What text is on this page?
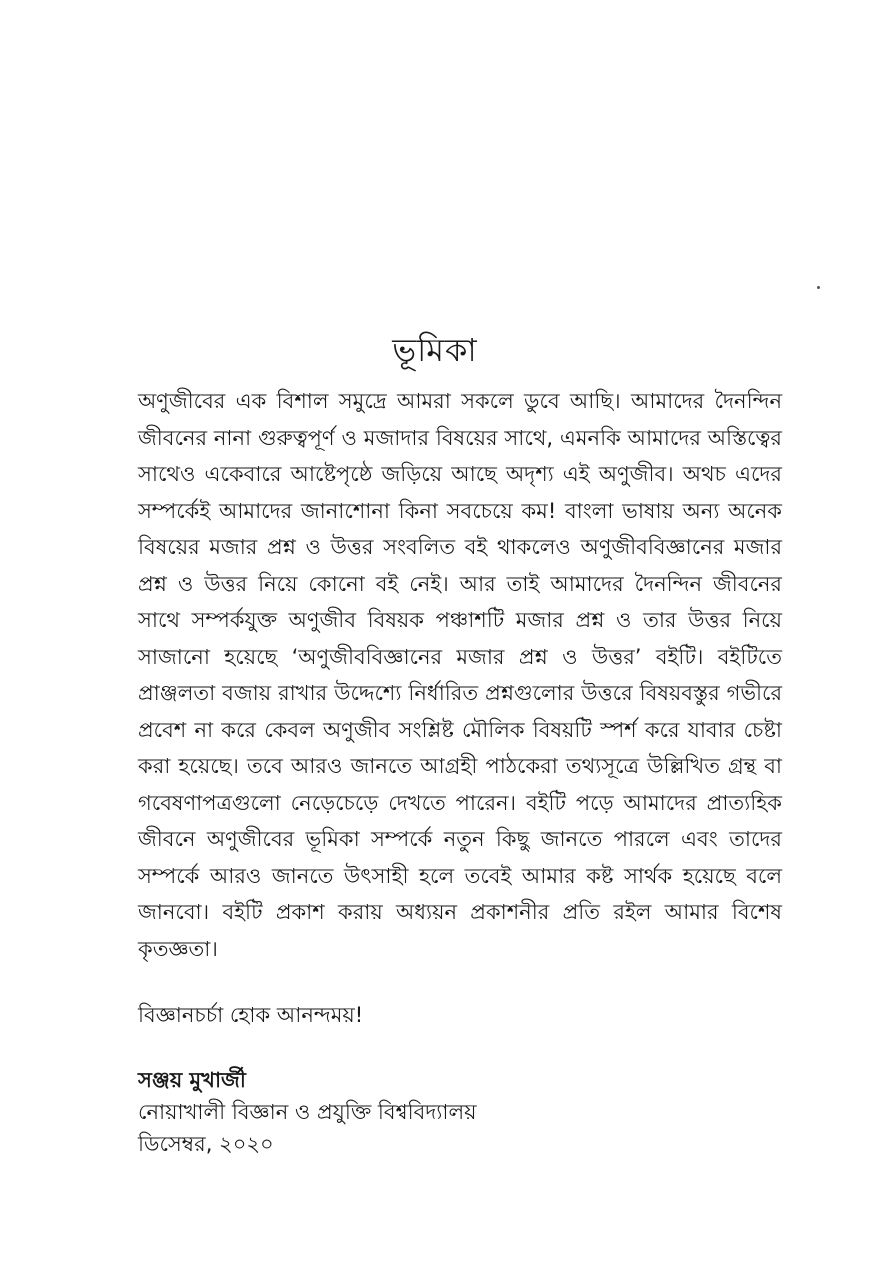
ভূমিকা
অণুজীবের এক বিশাল সমুদ্রে আমরা সকলে ডুবে আছি। আমাদের দৈনন্দিন জীবনের নানা গুরুত্বপূর্ণ ও মজাদার বিষয়ের সাথে, এমনকি আমাদের অস্তিত্বের সাথেও একেবারে আষ্টেপৃষ্ঠে জড়িয়ে আছে অদৃশ্য এই অণুজীব। অথচ এদের সম্পর্কেই আমাদের জানাশোনা কিনা সবচেয়ে কম! বাংলা ভাষায় অন্য অনেক বিষয়ের মজার প্রশ্ন ও উত্তর সংবলিত বই থাকলেও অণুজীববিজ্ঞানের মজার প্রশ্ন ও উত্তর নিয়ে কোনো বই নেই। আর তাই আমাদের দৈনন্দিন জীবনের সাথে সম্পর্কযুক্ত অণুজীব বিষয়ক পঞ্চাশটি মজার প্রশ্ন ও তার উত্তর নিয়ে সাজানো হয়েছে ‘অণুজীববিজ্ঞানের মজার প্রশ্ন ও উত্তর’ বইটি। বইটিতে প্রাঞ্জলতা বজায় রাখার উদ্দেশ্যে নির্ধারিত প্রশ্নগুলোর উত্তরে বিষয়বস্তুর গভীরে প্রবেশ না করে কেবল অণুজীব সংশ্লিষ্ট মৌলিক বিষয়টি স্পর্শ করে যাবার চেষ্টা করা হয়েছে। তবে আরও জানতে আগ্রহী পাঠকেরা তথ্যসূত্রে উল্লিখিত গ্রন্থ বা গবেষণাপত্রগুলো নেড়েচেড়ে দেখতে পারেন। বইটি পড়ে আমাদের প্রাত্যহিক জীবনে অণুজীবের ভূমিকা সম্পর্কে নতুন কিছু জানতে পারলে এবং তাদের সম্পর্কে আরও জানতে উৎসাহী হলে তবেই আমার কষ্ট সার্থক হয়েছে বলে জানবো। বইটি প্রকাশ করায় অধ্যয়ন প্রকাশনীর প্রতি রইল আমার বিশেষ কৃতজ্ঞতা।
বিজ্ঞানচর্চা হোক আনন্দময়!
সঞ্জয় মুখার্জী
নোয়াখালী বিজ্ঞান ও প্রযুক্তি বিশ্ববিদ্যালয়
ডিসেম্বর, ২০২০
